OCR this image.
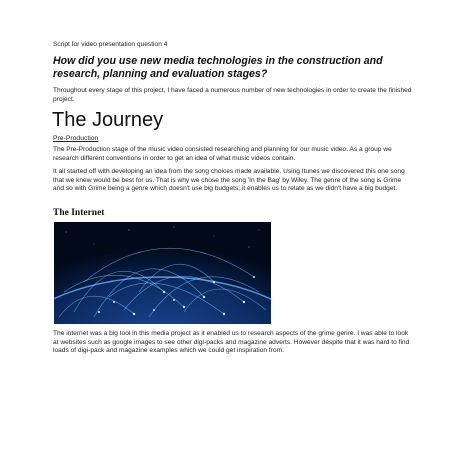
Script for video presentation question 4
How did you use new media technologies in the construction and research, planning and evaluation stages?
Throughout every stage of this project, I have faced a numerous number of new technologies in order to create the finished project.
The Journey
Pre-Production
The Pre-Production stage of the music video consisted researching and planning for our music video. As a group we research different conventions in order to get an idea of what music videos contain.
It all started off with developing an idea from the song choices made available. Using Itunes we discovered this one song that we knew would be best for us. That is why we chose the song 'In the Bag' by Wiley. The genre of the song is Grime and so with Grime being a genre which doesn't use big budgets, it enables us to relate as we didn't have a big budget.
The Internet
The internet was a big tool in this media project as it enabled us to research aspects of the grime genre. I was able to look at websites such as google images to see other digi-packs and magazine adverts. However despite that it was hard to find loads of digi-pack and magazine examples which we could get inspiration from.
